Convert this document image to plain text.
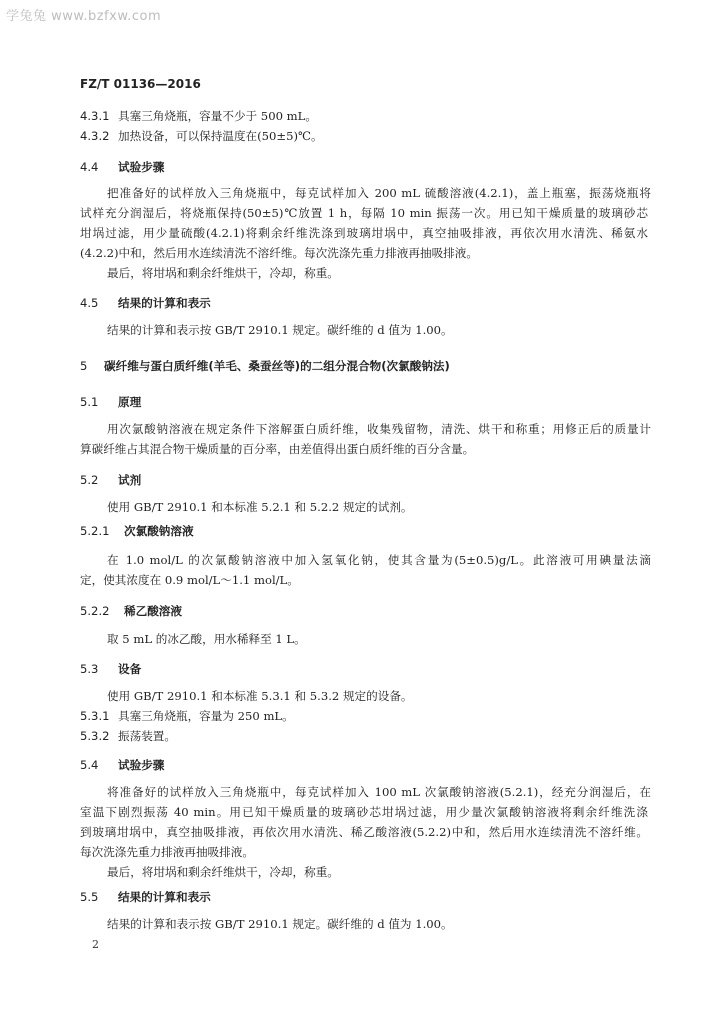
学兔兔 www.bzfxw.com
FZ/T 01136—2016
4.3.1 具塞三角烧瓶，容量不少于 500 mL。
4.3.2 加热设备，可以保持温度在(50±5)℃。
4.4 试验步骤
把准备好的试样放入三角烧瓶中，每克试样加入 200 mL 硫酸溶液(4.2.1)，盖上瓶塞，振荡烧瓶将
试样充分润湿后，将烧瓶保持(50±5)℃放置 1 h，每隔 10 min 振荡一次。用已知干燥质量的玻璃砂芯
坩埚过滤，用少量硫酸(4.2.1)将剩余纤维洗涤到玻璃坩埚中，真空抽吸排液，再依次用水清洗、稀氨水
(4.2.2)中和，然后用水连续清洗不溶纤维。每次洗涤先重力排液再抽吸排液。
最后，将坩埚和剩余纤维烘干，冷却，称重。
4.5 结果的计算和表示
结果的计算和表示按 GB/T 2910.1 规定。碳纤维的 d 值为 1.00。
5 碳纤维与蛋白质纤维(羊毛、桑蚕丝等)的二组分混合物(次氯酸钠法)
5.1 原理
用次氯酸钠溶液在规定条件下溶解蛋白质纤维，收集残留物，清洗、烘干和称重；用修正后的质量计
算碳纤维占其混合物干燥质量的百分率，由差值得出蛋白质纤维的百分含量。
5.2 试剂
使用 GB/T 2910.1 和本标准 5.2.1 和 5.2.2 规定的试剂。
5.2.1 次氯酸钠溶液
在 1.0 mol/L 的次氯酸钠溶液中加入氢氧化钠，使其含量为(5±0.5)g/L。此溶液可用碘量法滴
定，使其浓度在 0.9 mol/L～1.1 mol/L。
5.2.2 稀乙酸溶液
取 5 mL 的冰乙酸，用水稀释至 1 L。
5.3 设备
使用 GB/T 2910.1 和本标准 5.3.1 和 5.3.2 规定的设备。
5.3.1 具塞三角烧瓶，容量为 250 mL。
5.3.2 振荡装置。
5.4 试验步骤
将准备好的试样放入三角烧瓶中，每克试样加入 100 mL 次氯酸钠溶液(5.2.1)，经充分润湿后，在
室温下剧烈振荡 40 min。用已知干燥质量的玻璃砂芯坩埚过滤，用少量次氯酸钠溶液将剩余纤维洗涤
到玻璃坩埚中，真空抽吸排液，再依次用水清洗、稀乙酸溶液(5.2.2)中和，然后用水连续清洗不溶纤维。
每次洗涤先重力排液再抽吸排液。
最后，将坩埚和剩余纤维烘干，冷却，称重。
5.5 结果的计算和表示
结果的计算和表示按 GB/T 2910.1 规定。碳纤维的 d 值为 1.00。
2
